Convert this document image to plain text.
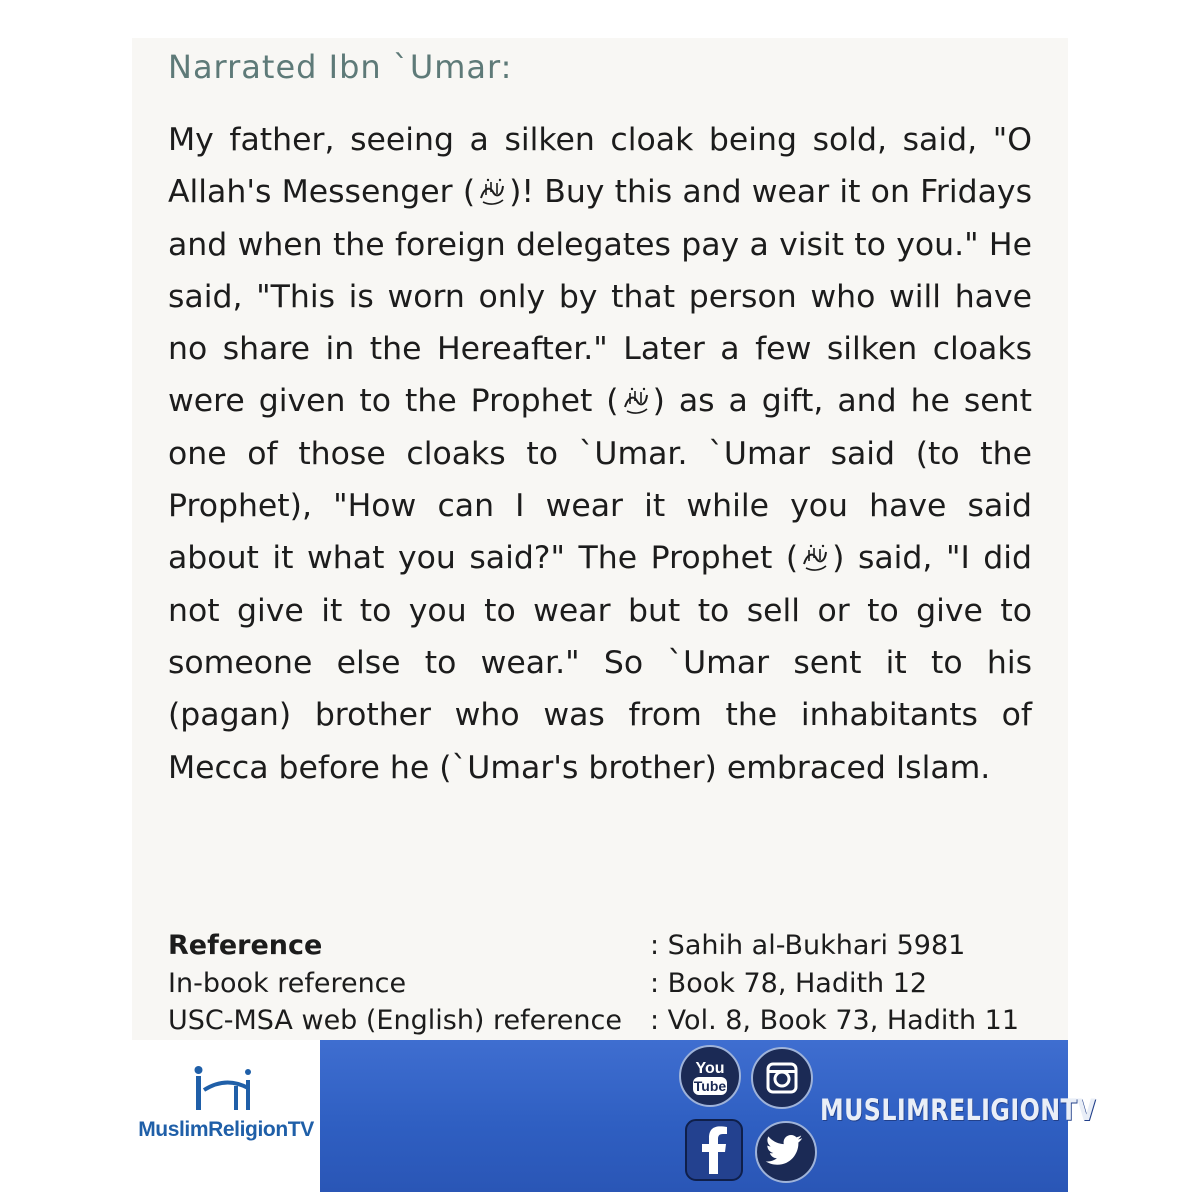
Narrated Ibn `Umar:
My father, seeing a silken cloak being sold, said, "O Allah's Messenger ( )! Buy this and wear it on Fridays and when the foreign delegates pay a visit to you." He said, "This is worn only by that person who will have no share in the Hereafter." Later a few silken cloaks were given to the Prophet ( ) as a gift, and he sent one of those cloaks to `Umar. `Umar said (to the Prophet), "How can I wear it while you have said about it what you said?" The Prophet ( ) said, "I did not give it to you to wear but to sell or to give to someone else to wear." So `Umar sent it to his (pagan) brother who was from the inhabitants of Mecca before he (`Umar's brother) embraced Islam.
Reference	: Sahih al-Bukhari 5981
In-book reference	: Book 78, Hadith 12
USC-MSA web (English) reference	: Vol. 8, Book 73, Hadith 11
MuslimReligionTV
You
Tube
MUSLIMRELIGIONTV
